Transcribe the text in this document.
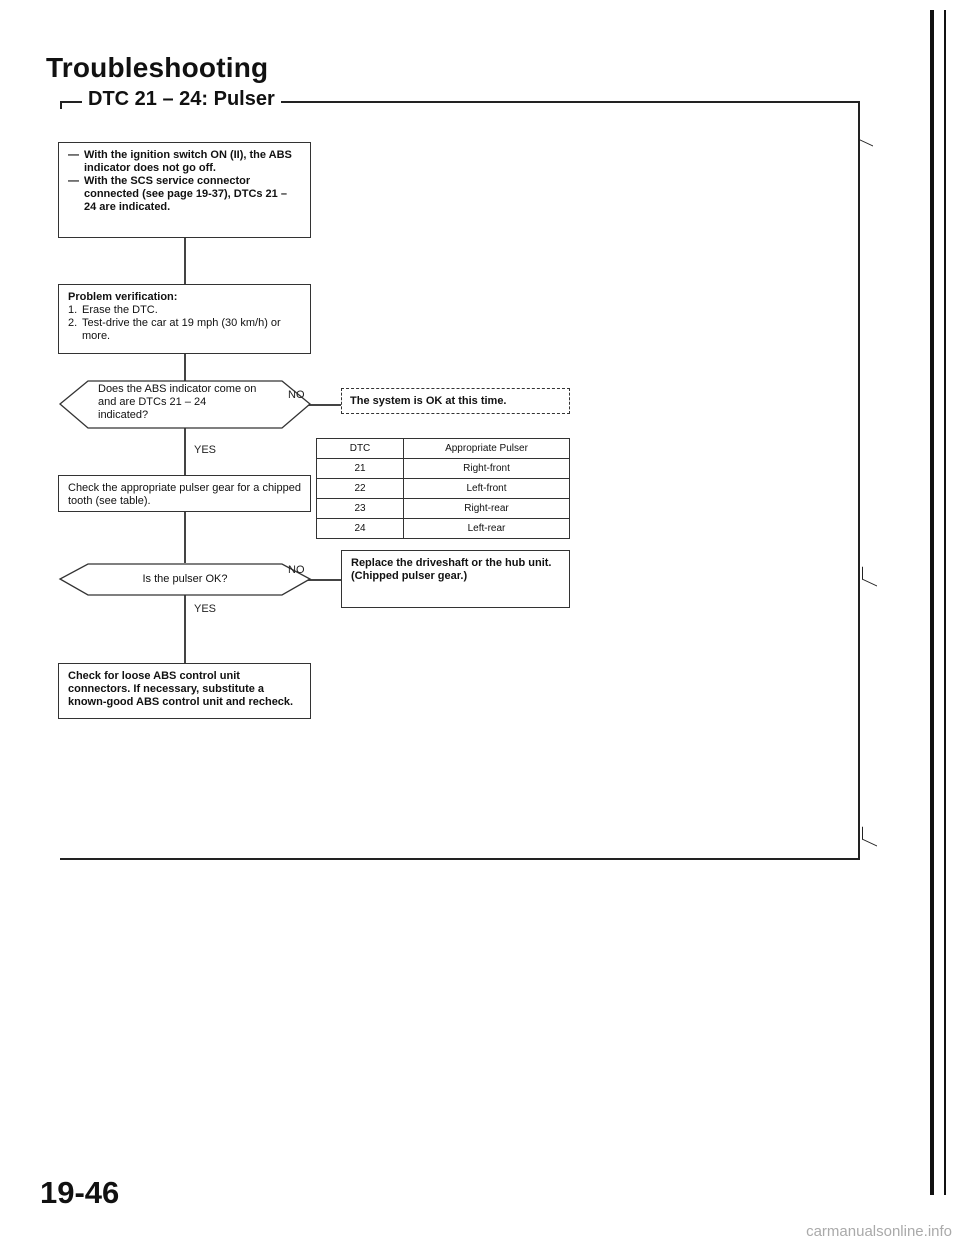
Troubleshooting
DTC 21 – 24: Pulser
— With the ignition switch ON (II), the ABS indicator does not go off.
— With the SCS service connector connected (see page 19-37), DTCs 21 – 24 are indicated.
Problem verification:
1. Erase the DTC.
2. Test-drive the car at 19 mph (30 km/h) or more.
Does the ABS indicator come on and are DTCs 21 – 24 indicated?
NO
YES
The system is OK at this time.
DTC	Appropriate Pulser
21	Right-front
22	Left-front
23	Right-rear
24	Left-rear
Check the appropriate pulser gear for a chipped tooth (see table).
Is the pulser OK?
NO
YES
Replace the driveshaft or the hub unit.
(Chipped pulser gear.)
Check for loose ABS control unit connectors. If necessary, substitute a known-good ABS control unit and recheck.
19-46
carmanualsonline.info
